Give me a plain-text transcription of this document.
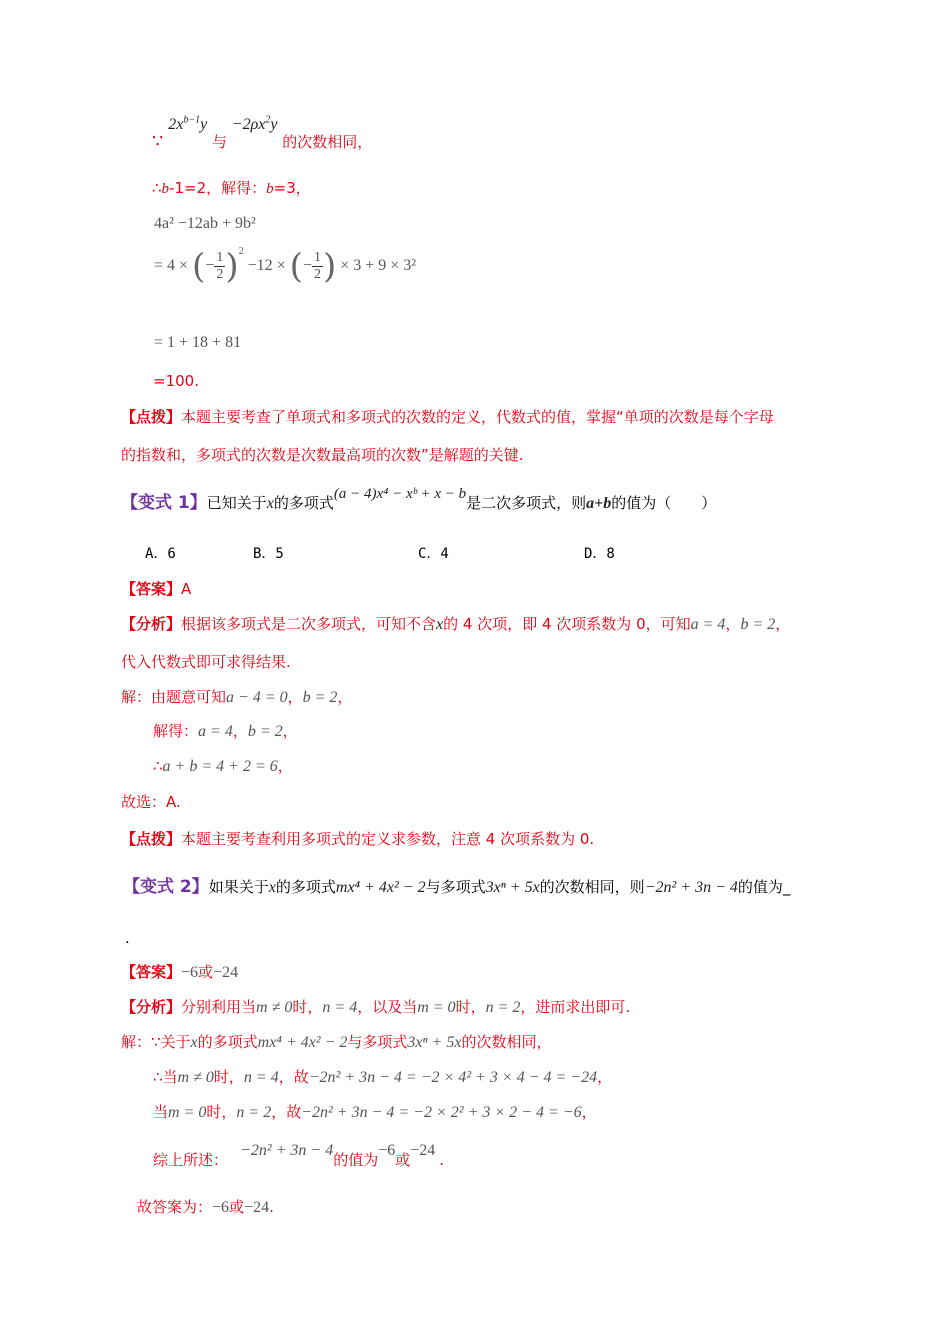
∵ $2x^{b-1}y$ 与 $-2\rho x^2y$ 的次数相同，
∴b-1=2，解得：b=3，
4a² −12ab + 9b²
= 4 × (− $\frac{1}{2} )^2 -12$ × (− $\frac{1}{2}$ ) × 3 + 9 × 3²
= 1 + 18 + 81
=100.
【点拨】本题主要考查了单项式和多项式的次数的定义，代数式的值，掌握“单项的次数是每个字母
的指数和，多项式的次数是次数最高项的次数”是解题的关键.
【变式 1】已知关于x的多项式(a − 4)x⁴ − xᵇ + x − b是二次多项式，则a+b的值为（　　）
A．6	B．5	C．4	D．8
【答案】A
【分析】根据该多项式是二次多项式，可知不含x的 4 次项，即 4 次项系数为 0，可知a = 4，b = 2，
代入代数式即可求得结果.
解：由题意可知a − 4 = 0，b = 2，
解得：a = 4，b = 2，
∴a + b = 4 + 2 = 6，
故选：A.
【点拨】本题主要考查利用多项式的定义求参数，注意 4 次项系数为 0.
【变式 2】如果关于x的多项式mx⁴ + 4x² − 2与多项式3xⁿ + 5x的次数相同，则−2n² + 3n − 4的值为_
.
【答案】−6或−24
【分析】分别利用当m ≠ 0时，n = 4，以及当m = 0时，n = 2，进而求出即可.
解：∵关于x的多项式mx⁴ + 4x² − 2与多项式3xⁿ + 5x的次数相同，
∴当m ≠ 0时，n = 4，故−2n² + 3n − 4 = −2 × 4² + 3 × 4 − 4 = −24，
当m = 0时，n = 2，故−2n² + 3n − 4 = −2 × 2² + 3 × 2 − 4 = −6，
综上所述：−2n² + 3n − 4的值为−6或−24.
故答案为：−6或−24.
